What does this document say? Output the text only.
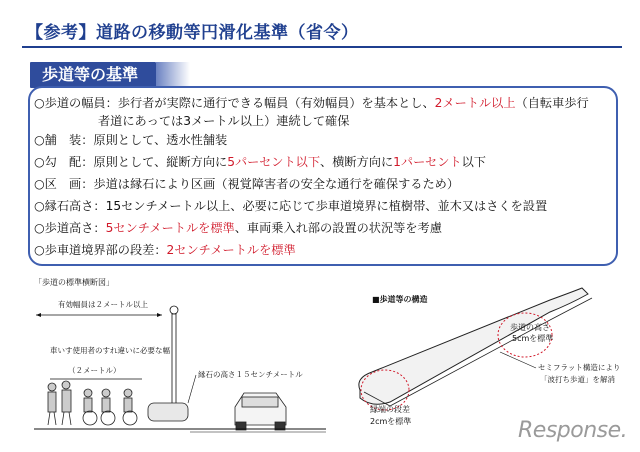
【参考】道路の移動等円滑化基準（省令）
歩道等の基準
○歩道の幅員：歩行者が実際に通行できる幅員（有効幅員）を基本とし、2メートル以上（自転車歩行
者道にあっては3メートル以上）連続して確保
○舗　装：原則として、透水性舗装
○勾　配：原則として、縦断方向に5パーセント以下、横断方向に1パーセント以下
○区　画：歩道は縁石により区画（視覚障害者の安全な通行を確保するため）
○縁石高さ：15センチメートル以上、必要に応じて歩車道境界に植樹帯、並木又はさくを設置
○歩道高さ：5センチメートルを標準、車両乗入れ部の設置の状況等を考慮
○歩車道境界部の段差：2センチメートルを標準
「歩道の標準横断図」
有効幅員は２メートル以上
車いす使用者のすれ違いに必要な幅
（２メートル）	縁石の高さ１５センチメートル
■歩道等の構造
歩道の高さ
5cmを標準
セミフラット構造により
「波打ち歩道」を解消
縁端の段差
2cmを標準	Response.
